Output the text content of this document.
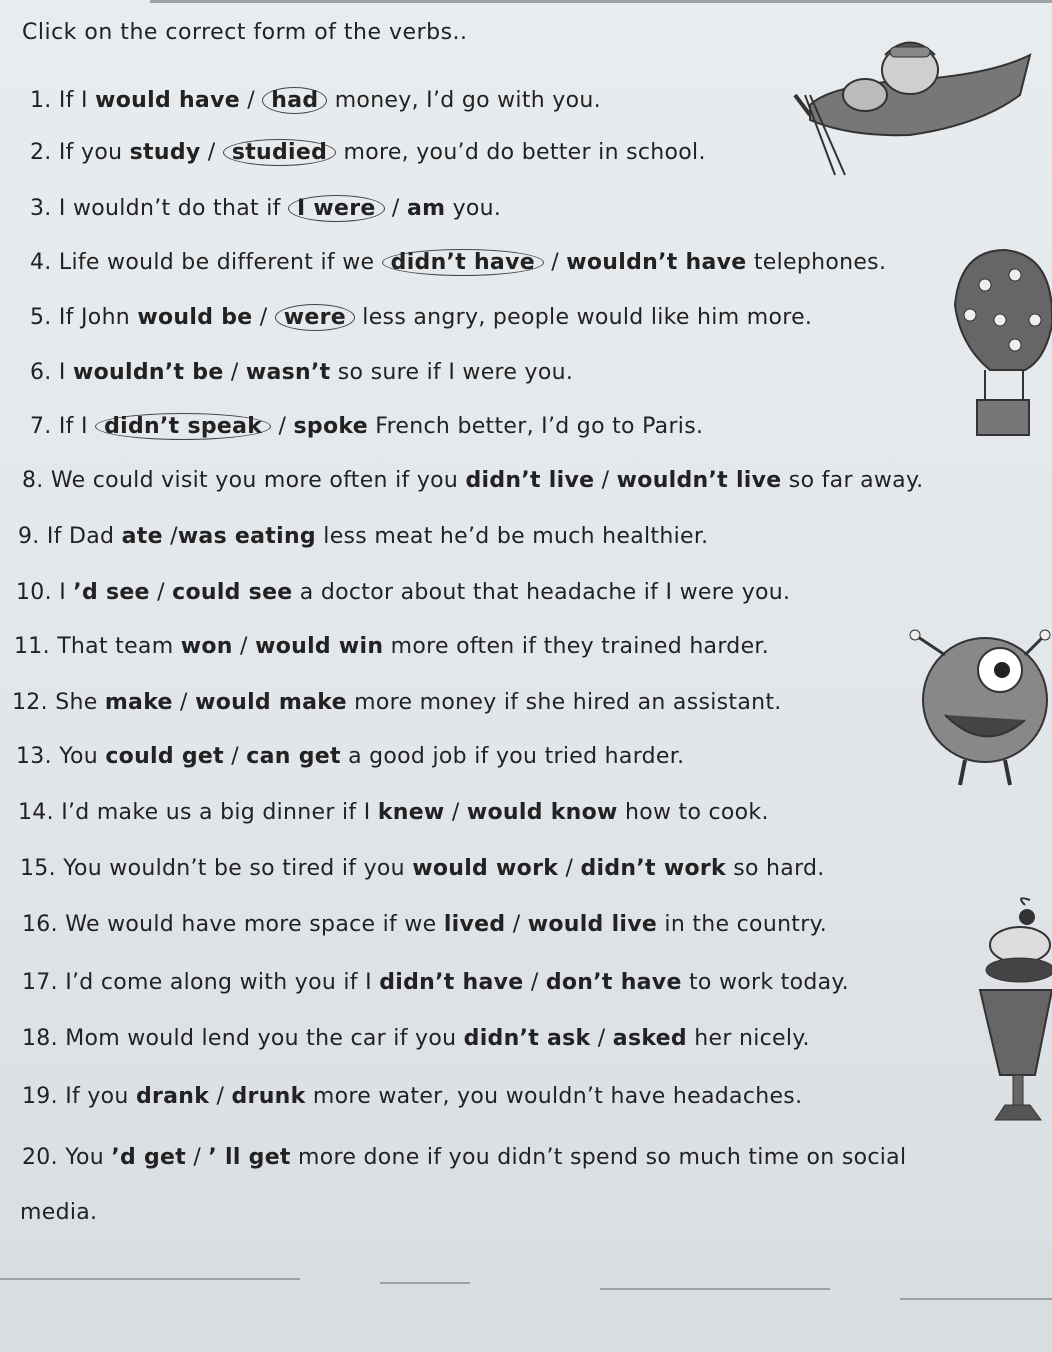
Click on the correct form of the verbs..
1. If I would have / had money, I’d go with you.
2. If you study / studied more, you’d do better in school.
3. I wouldn’t do that if I were / am you.
4. Life would be different if we didn’t have / wouldn’t have telephones.
5. If John would be / were less angry, people would like him more.
6. I wouldn’t be / wasn’t so sure if I were you.
7. If I didn’t speak / spoke French better, I’d go to Paris.
8. We could visit you more often if you didn’t live / wouldn’t live so far away.
9. If Dad ate /was eating less meat he’d be much healthier.
10. I ’d see / could see a doctor about that headache if I were you.
11. That team won / would win more often if they trained harder.
12. She make / would make more money if she hired an assistant.
13. You could get / can get a good job if you tried harder.
14. I’d make us a big dinner if I knew / would know how to cook.
15. You wouldn’t be so tired if you would work / didn’t work so hard.
16. We would have more space if we lived / would live in the country.
17. I’d come along with you if I didn’t have / don’t have to work today.
18. Mom would lend you the car if you didn’t ask / asked her nicely.
19. If you drank / drunk more water, you wouldn’t have headaches.
20. You ’d get / ’ ll get more done if you didn’t spend so much time on social
media.
